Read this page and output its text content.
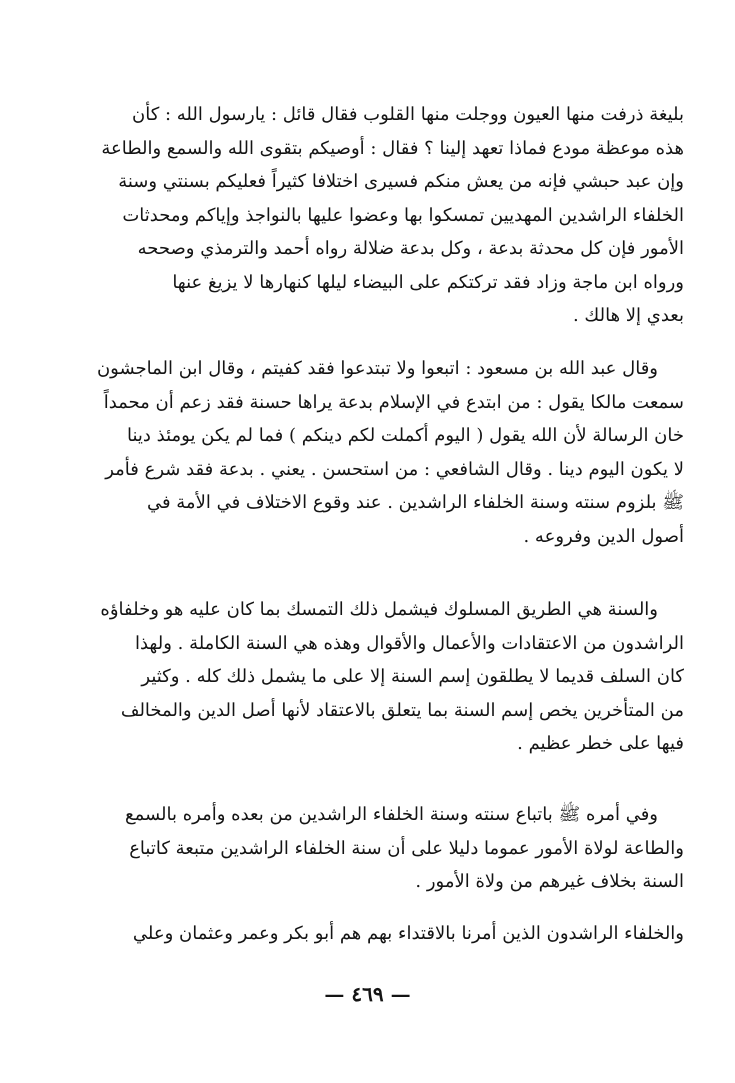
بليغة ذرفت منها العيون ووجلت منها القلوب فقال قائل : يارسول الله : كأن
هذه موعظة مودع فماذا تعهد إلينا ؟ فقال : أوصيكم بتقوى الله والسمع والطاعة
وإن عبد حبشي فإنه من يعش منكم فسيرى اختلافا كثيراً فعليكم بسنتي وسنة
الخلفاء الراشدين المهديين تمسكوا بها وعضوا عليها بالنواجذ وإياكم ومحدثات
الأمور فإن كل محدثة بدعة ، وكل بدعة ضلالة رواه أحمد والترمذي وصححه
ورواه ابن ماجة وزاد فقد تركتكم على البيضاء ليلها كنهارها لا يزيغ عنها
بعدي إلا هالك .
وقال عبد الله بن مسعود : اتبعوا ولا تبتدعوا فقد كفيتم ، وقال ابن الماجشون
سمعت مالكا يقول : من ابتدع في الإسلام بدعة يراها حسنة فقد زعم أن محمداً
خان الرسالة لأن الله يقول ( اليوم أكملت لكم دينكم ) فما لم يكن يومئذ دينا
لا يكون اليوم دينا . وقال الشافعي : من استحسن . يعني . بدعة فقد شرع فأمر
ﷺ بلزوم سنته وسنة الخلفاء الراشدين . عند وقوع الاختلاف في الأمة في
أصول الدين وفروعه .
والسنة هي الطريق المسلوك فيشمل ذلك التمسك بما كان عليه هو وخلفاؤه
الراشدون من الاعتقادات والأعمال والأقوال وهذه هي السنة الكاملة . ولهذا
كان السلف قديما لا يطلقون إسم السنة إلا على ما يشمل ذلك كله . وكثير
من المتأخرين يخص إسم السنة بما يتعلق بالاعتقاد لأنها أصل الدين والمخالف
فيها على خطر عظيم .
وفي أمره ﷺ باتباع سنته وسنة الخلفاء الراشدين من بعده وأمره بالسمع
والطاعة لولاة الأمور عموما دليلا على أن سنة الخلفاء الراشدين متبعة كاتباع
السنة بخلاف غيرهم من ولاة الأمور .
والخلفاء الراشدون الذين أمرنا بالاقتداء بهم هم أبو بكر وعمر وعثمان وعلي
— ٤٦٩ —
